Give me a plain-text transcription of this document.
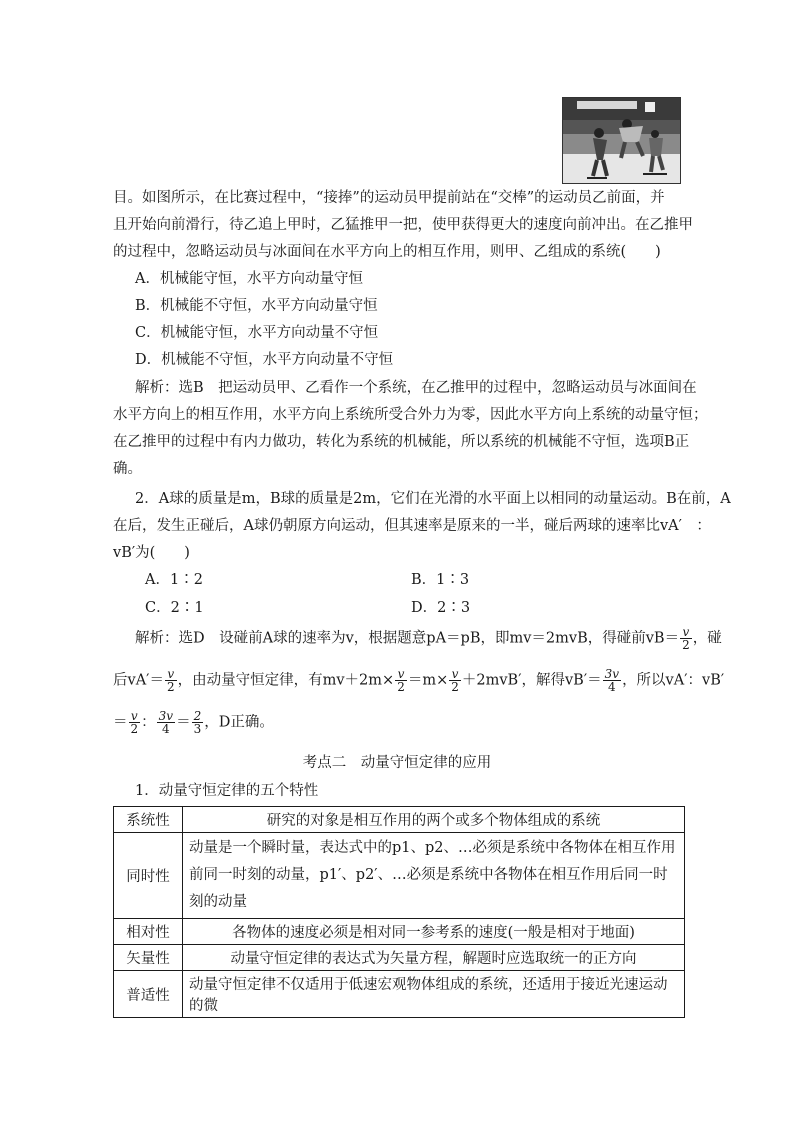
目。如图所示，在比赛过程中，“接捧”的运动员甲提前站在“交棒”的运动员乙前面，并
且开始向前滑行，待乙追上甲时，乙猛推甲一把，使甲获得更大的速度向前冲出。在乙推甲
的过程中，忽略运动员与冰面间在水平方向上的相互作用，则甲、乙组成的系统(　　)
A．机械能守恒，水平方向动量守恒
B．机械能不守恒，水平方向动量守恒
C．机械能守恒，水平方向动量不守恒
D．机械能不守恒，水平方向动量不守恒
解析：选B　把运动员甲、乙看作一个系统，在乙推甲的过程中，忽略运动员与冰面间在
水平方向上的相互作用，水平方向上系统所受合外力为零，因此水平方向上系统的动量守恒；
在乙推甲的过程中有内力做功，转化为系统的机械能，所以系统的机械能不守恒，选项B正
确。
2．A球的质量是m，B球的质量是2m，它们在光滑的水平面上以相同的动量运动。B在前，A
在后，发生正碰后，A球仍朝原方向运动，但其速率是原来的一半，碰后两球的速率比vA′　：
vB′为(　　)
A．1∶2	B．1∶3
C．2∶1	D．2∶3
解析：选D　设碰前A球的速率为v，根据题意pA＝pB，即mv＝2mvB，得碰前$vB= \frac{v}{2}$ ，碰
后$vA'= \frac{v}{2}$ ，由动量守恒定律，有$mv+2m\times \frac{v}{2} =m\times \frac{v}{2} +2mvB'$，解得$vB'= \frac{3v}{4}$ ，所以vA′：vB′
＝ $\frac{v}{2}$ ： $\frac{3v}{4} = \frac{2}{3}$ ，D正确。
考点二　动量守恒定律的应用
1．动量守恒定律的五个特性
系统性	研究的对象是相互作用的两个或多个物体组成的系统
同时性	动量是一个瞬时量，表达式中的p1、p2、…必须是系统中各物体在相互作用前同一时刻的动量，p1′、p2′、…必须是系统中各物体在相互作用后同一时刻的动量
相对性	各物体的速度必须是相对同一参考系的速度(一般是相对于地面)
矢量性	动量守恒定律的表达式为矢量方程，解题时应选取统一的正方向
普适性	动量守恒定律不仅适用于低速宏观物体组成的系统，还适用于接近光速运动的微
